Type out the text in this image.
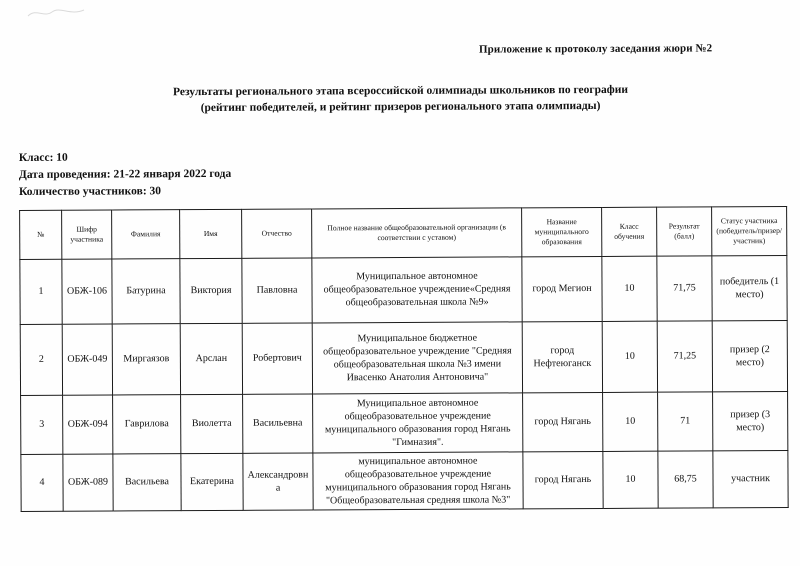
Приложение к протоколу заседания жюри №2
Результаты регионального этапа всероссийской олимпиады школьников по географии
(рейтинг победителей, и рейтинг призеров регионального этапа олимпиады)
Класс: 10
Дата проведения: 21-22 января 2022 года
Количество участников: 30
№	Шифр участника	Фамилия	Имя	Отчество	Полное название общеобразовательной организации (в соответствии с уставом)	Название муниципального образования	Класс обучения	Результат (балл)	Статус участника (победитель/призер/участник)
1	ОБЖ-106	Батурина	Виктория	Павловна	Муниципальное автономное общеобразовательное учреждение«Средняя общеобразовательная школа №9»	город Мегион	10	71,75	победитель (1 место)
2	ОБЖ-049	Миргаязов	Арслан	Робертович	Муниципальное бюджетное общеобразовательное учреждение "Средняя общеобразовательная школа №3 имени Ивасенко Анатолия Антоновича"	город Нефтеюганск	10	71,25	призер (2 место)
3	ОБЖ-094	Гаврилова	Виолетта	Васильевна	Муниципальное автономное общеобразовательное учреждение муниципального образования город Нягань "Гимназия".	город Нягань	10	71	призер (3 место)
4	ОБЖ-089	Васильева	Екатерина	Александровна	муниципальное автономное общеобразовательное учреждение муниципального образования город Нягань "Общеобразовательная средняя школа №3"	город Нягань	10	68,75	участник
